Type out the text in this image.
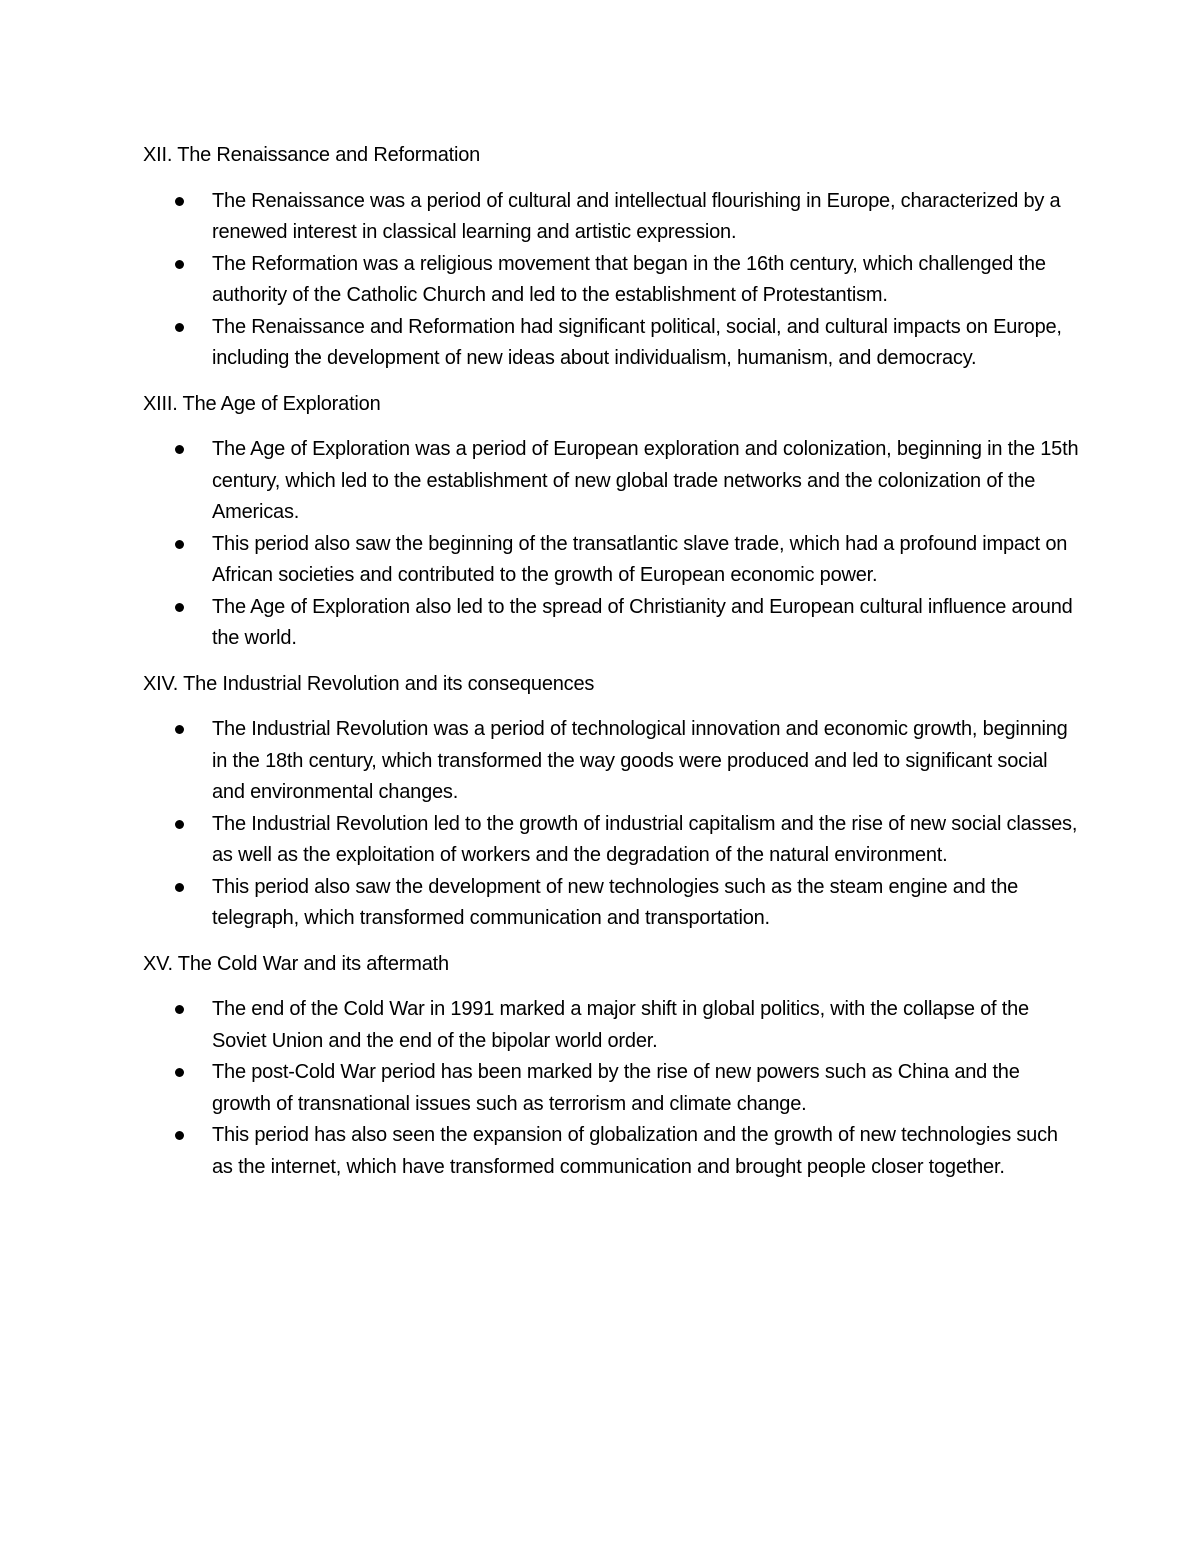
XII. The Renaissance and Reformation

The Renaissance was a period of cultural and intellectual flourishing in Europe, characterized by a renewed interest in classical learning and artistic expression.
The Reformation was a religious movement that began in the 16th century, which challenged the authority of the Catholic Church and led to the establishment of Protestantism.
The Renaissance and Reformation had significant political, social, and cultural impacts on Europe, including the development of new ideas about individualism, humanism, and democracy.

XIII. The Age of Exploration

The Age of Exploration was a period of European exploration and colonization, beginning in the 15th century, which led to the establishment of new global trade networks and the colonization of the Americas.
This period also saw the beginning of the transatlantic slave trade, which had a profound impact on African societies and contributed to the growth of European economic power.
The Age of Exploration also led to the spread of Christianity and European cultural influence around the world.

XIV. The Industrial Revolution and its consequences

The Industrial Revolution was a period of technological innovation and economic growth, beginning in the 18th century, which transformed the way goods were produced and led to significant social and environmental changes.
The Industrial Revolution led to the growth of industrial capitalism and the rise of new social classes, as well as the exploitation of workers and the degradation of the natural environment.
This period also saw the development of new technologies such as the steam engine and the telegraph, which transformed communication and transportation.

XV. The Cold War and its aftermath

The end of the Cold War in 1991 marked a major shift in global politics, with the collapse of the Soviet Union and the end of the bipolar world order.
The post-Cold War period has been marked by the rise of new powers such as China and the growth of transnational issues such as terrorism and climate change.
This period has also seen the expansion of globalization and the growth of new technologies such as the internet, which have transformed communication and brought people closer together.
